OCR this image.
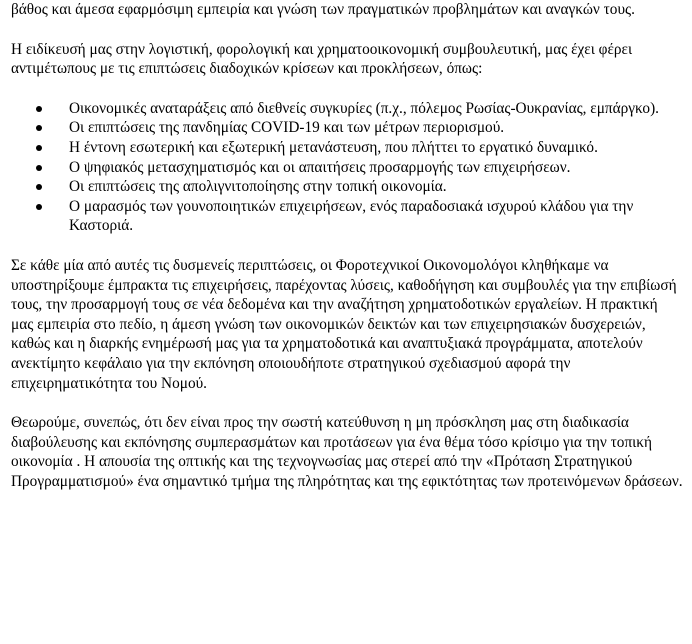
βάθος και άμεσα εφαρμόσιμη εμπειρία και γνώση των πραγματικών προβλημάτων και αναγκών τους.

Η ειδίκευσή μας στην λογιστική, φορολογική και χρηματοοικονομική συμβουλευτική, μας έχει φέρει αντιμέτωπους με τις επιπτώσεις διαδοχικών κρίσεων και προκλήσεων, όπως:

Οικονομικές αναταράξεις από διεθνείς συγκυρίες (π.χ., πόλεμος Ρωσίας-Ουκρανίας, εμπάργκο).
Οι επιπτώσεις της πανδημίας COVID-19 και των μέτρων περιορισμού.
Η έντονη εσωτερική και εξωτερική μετανάστευση, που πλήττει το εργατικό δυναμικό.
Ο ψηφιακός μετασχηματισμός και οι απαιτήσεις προσαρμογής των επιχειρήσεων.
Οι επιπτώσεις της απολιγνιτοποίησης στην τοπική οικονομία.
Ο μαρασμός των γουνοποιητικών επιχειρήσεων, ενός παραδοσιακά ισχυρού κλάδου για την Καστοριά.

Σε κάθε μία από αυτές τις δυσμενείς περιπτώσεις, οι Φοροτεχνικοί Οικονομολόγοι κληθήκαμε να υποστηρίξουμε έμπρακτα τις επιχειρήσεις, παρέχοντας λύσεις, καθοδήγηση και συμβουλές για την επιβίωσή τους, την προσαρμογή τους σε νέα δεδομένα και την αναζήτηση χρηματοδοτικών εργαλείων. Η πρακτική μας εμπειρία στο πεδίο, η άμεση γνώση των οικονομικών δεικτών και των επιχειρησιακών δυσχερειών, καθώς και η διαρκής ενημέρωσή μας για τα χρηματοδοτικά και αναπτυξιακά προγράμματα, αποτελούν ανεκτίμητο κεφάλαιο για την εκπόνηση οποιουδήποτε στρατηγικού σχεδιασμού αφορά την επιχειρηματικότητα του Νομού.

Θεωρούμε, συνεπώς, ότι δεν είναι προς την σωστή κατεύθυνση η μη πρόσκληση μας στη διαδικασία διαβούλευσης και εκπόνησης συμπερασμάτων και προτάσεων για ένα θέμα τόσο κρίσιμο για την τοπική οικονομία . Η απουσία της οπτικής και της τεχνογνωσίας μας στερεί από την «Πρόταση Στρατηγικού Προγραμματισμού» ένα σημαντικό τμήμα της πληρότητας και της εφικτότητας των προτεινόμενων δράσεων.
